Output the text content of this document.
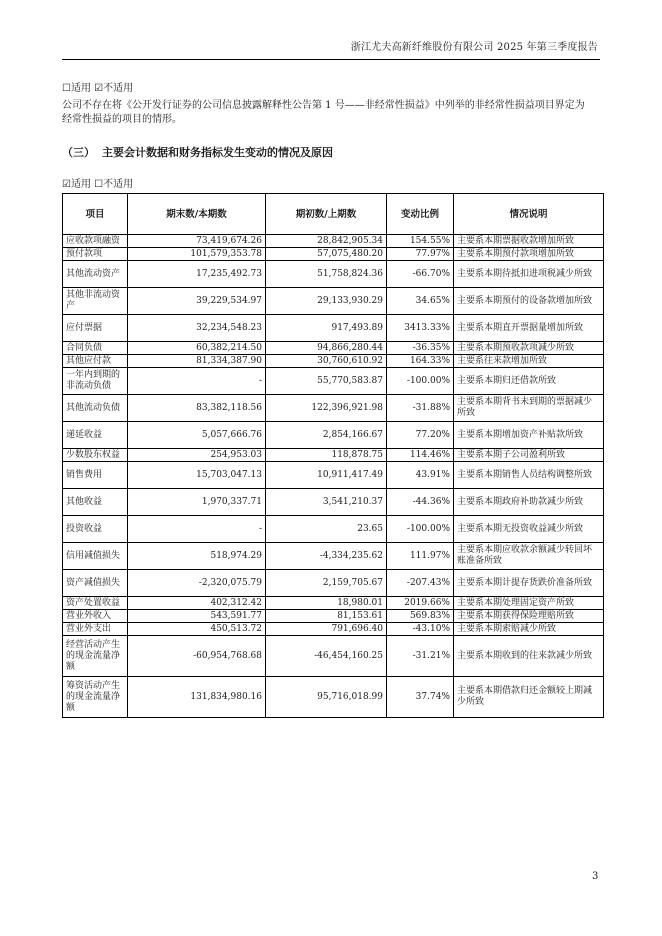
浙江尤夫高新纤维股份有限公司 2025 年第三季度报告
☐适用 ☑不适用
公司不存在将《公开发行证券的公司信息披露解释性公告第 1 号——非经常性损益》中列举的非经常性损益项目界定为经常性损益的项目的情形。
（三） 主要会计数据和财务指标发生变动的情况及原因
☑适用 ☐不适用
项目	期末数/本期数	期初数/上期数	变动比例	情况说明
应收款项融资	73,419,674.26	28,842,905.34	154.55%	主要系本期票据收款增加所致
预付款项	101,579,353.78	57,075,480.20	77.97%	主要系本期预付款项增加所致
其他流动资产	17,235,492.73	51,758,824.36	-66.70%	主要系本期待抵扣进项税减少所致
其他非流动资产	39,229,534.97	29,133,930.29	34.65%	主要系本期预付的设备款增加所致
应付票据	32,234,548.23	917,493.89	3413.33%	主要系本期直开票据量增加所致
合同负债	60,382,214.50	94,866,280.44	-36.35%	主要系本期预收款项减少所致
其他应付款	81,334,387.90	30,760,610.92	164.33%	主要系往来款增加所致
一年内到期的非流动负债	-	55,770,583.87	-100.00%	主要系本期归还借款所致
其他流动负债	83,382,118.56	122,396,921.98	-31.88%	主要系本期背书未到期的票据减少所致
递延收益	5,057,666.76	2,854,166.67	77.20%	主要系本期增加资产补贴款所致
少数股东权益	254,953.03	118,878.75	114.46%	主要系本期子公司盈利所致
销售费用	15,703,047.13	10,911,417.49	43.91%	主要系本期销售人员结构调整所致
其他收益	1,970,337.71	3,541,210.37	-44.36%	主要系本期政府补助款减少所致
投资收益	-	23.65	-100.00%	主要系本期无投资收益减少所致
信用减值损失	518,974.29	-4,334,235.62	111.97%	主要系本期应收款余额减少转回坏账准备所致
资产减值损失	-2,320,075.79	2,159,705.67	-207.43%	主要系本期计提存货跌价准备所致
资产处置收益	402,312.42	18,980.01	2019.66%	主要系本期处理固定资产所致
营业外收入	543,591.77	81,153.61	569.83%	主要系本期获得保险理赔所致
营业外支出	450,513.72	791,696.40	-43.10%	主要系本期索赔减少所致
经营活动产生的现金流量净额	-60,954,768.68	-46,454,160.25	-31.21%	主要系本期收到的往来款减少所致
筹资活动产生的现金流量净额	131,834,980.16	95,716,018.99	37.74%	主要系本期借款归还金额较上期减少所致
3
